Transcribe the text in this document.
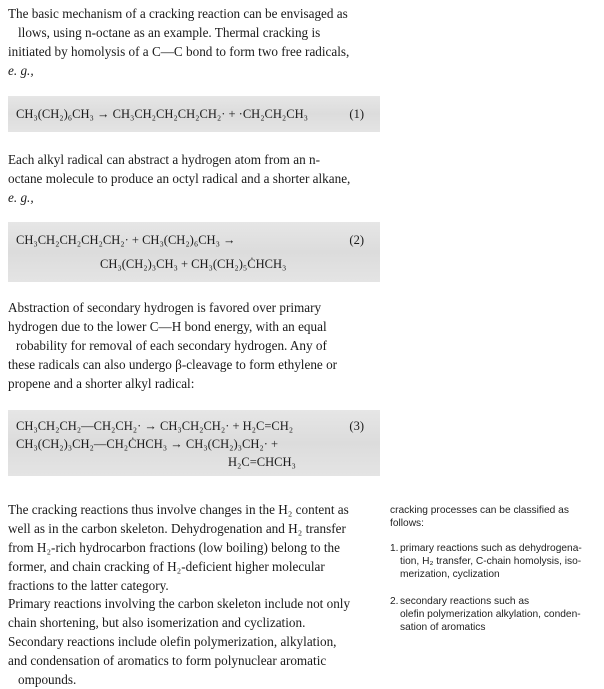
The basic mechanism of a cracking reaction can be envisaged as
llows, using n-octane as an example. Thermal cracking is
initiated by homolysis of a C—C bond to form two free radicals,
e. g.,
CH₃(CH₂)₆CH₃ → CH₃CH₂CH₂CH₂CH₂· + ·CH₂CH₂CH₃	(1)
Each alkyl radical can abstract a hydrogen atom from an n-
octane molecule to produce an octyl radical and a shorter alkane,
e. g.,
CH₃CH₂CH₂CH₂CH₂· + CH₃(CH₂)₆CH₃ →
CH₃(CH₂)₃CH₃ + CH₃(CH₂)₅ĊHCH₃
(2)
Abstraction of secondary hydrogen is favored over primary
hydrogen due to the lower C—H bond energy, with an equal
robability for removal of each secondary hydrogen. Any of
these radicals can also undergo β-cleavage to form ethylene or
propene and a shorter alkyl radical:
CH₃CH₂CH₂—CH₂CH₂· → CH₃CH₂CH₂· + H₂C=CH₂
CH₃(CH₂)₃CH₂—CH₂ĊHCH₃ → CH₃(CH₂)₃CH₂· +
H₂C=CHCH₃
(3)
The cracking reactions thus involve changes in the H₂ content as
well as in the carbon skeleton. Dehydrogenation and H₂ transfer
from H₂-rich hydrocarbon fractions (low boiling) belong to the
former, and chain cracking of H₂-deficient higher molecular
fractions to the latter category.
Primary reactions involving the carbon skeleton include not only
chain shortening, but also isomerization and cyclization.
Secondary reactions include olefin polymerization, alkylation,
and condensation of aromatics to form polynuclear aromatic
ompounds.
cracking processes can be classified as
follows:
1. primary reactions such as dehydrogena-
tion, H₂ transfer, C-chain homolysis, iso-
merization, cyclization
2. secondary reactions such as
olefin polymerization alkylation, conden-
sation of aromatics
